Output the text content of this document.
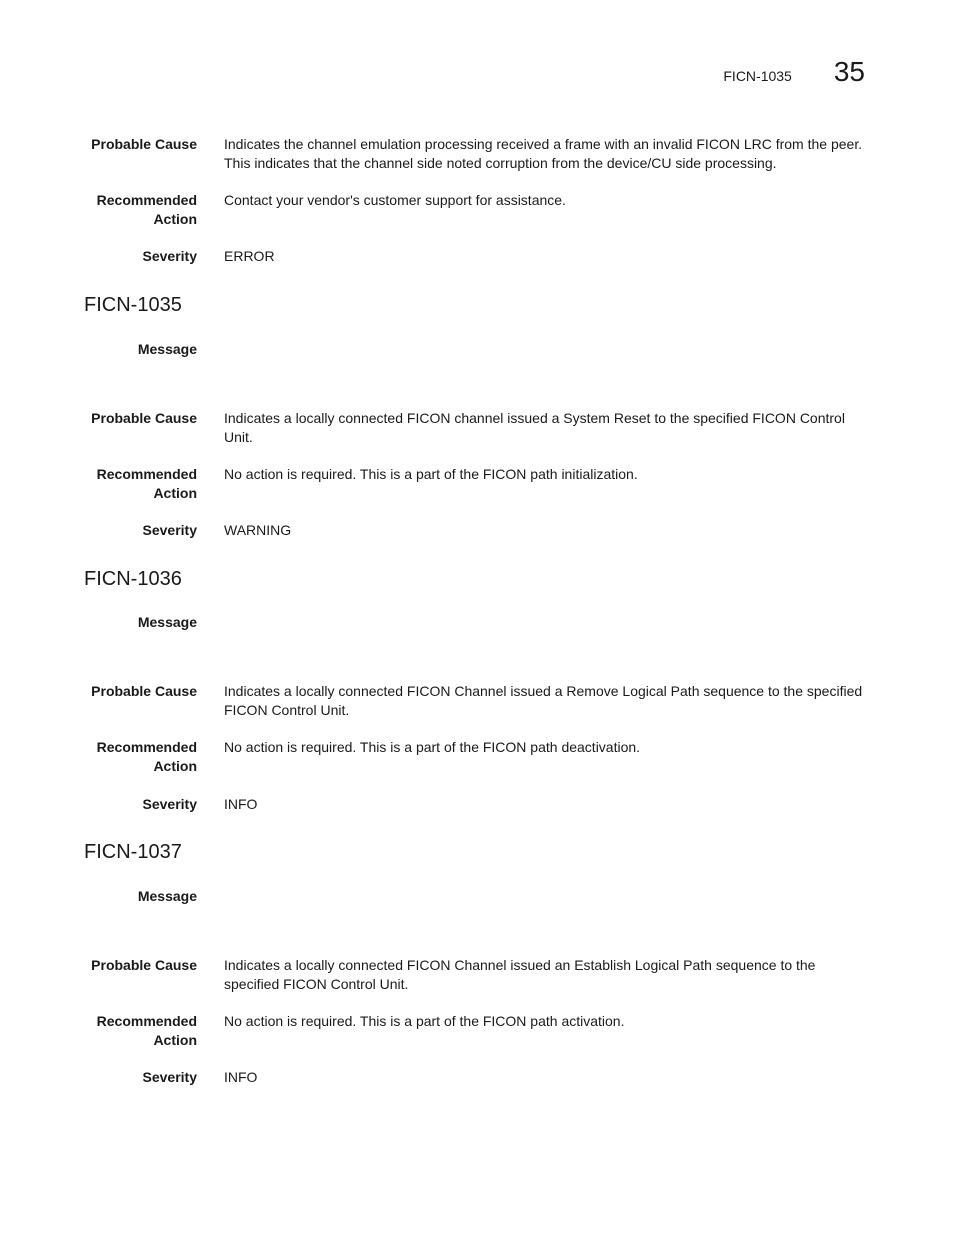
FICN-1035 35
Probable Cause Indicates the channel emulation processing received a frame with an invalid FICON LRC from the peer. This indicates that the channel side noted corruption from the device/CU side processing.
Recommended
Action
Contact your vendor's customer support for assistance.
Severity ERROR
FICN-1035
Message
Probable Cause Indicates a locally connected FICON channel issued a System Reset to the specified FICON Control Unit.
Recommended
Action
No action is required. This is a part of the FICON path initialization.
Severity WARNING
FICN-1036
Message
Probable Cause Indicates a locally connected FICON Channel issued a Remove Logical Path sequence to the specified FICON Control Unit.
Recommended
Action
No action is required. This is a part of the FICON path deactivation.
Severity INFO
FICN-1037
Message
Probable Cause Indicates a locally connected FICON Channel issued an Establish Logical Path sequence to the specified FICON Control Unit.
Recommended
Action
No action is required. This is a part of the FICON path activation.
Severity INFO
